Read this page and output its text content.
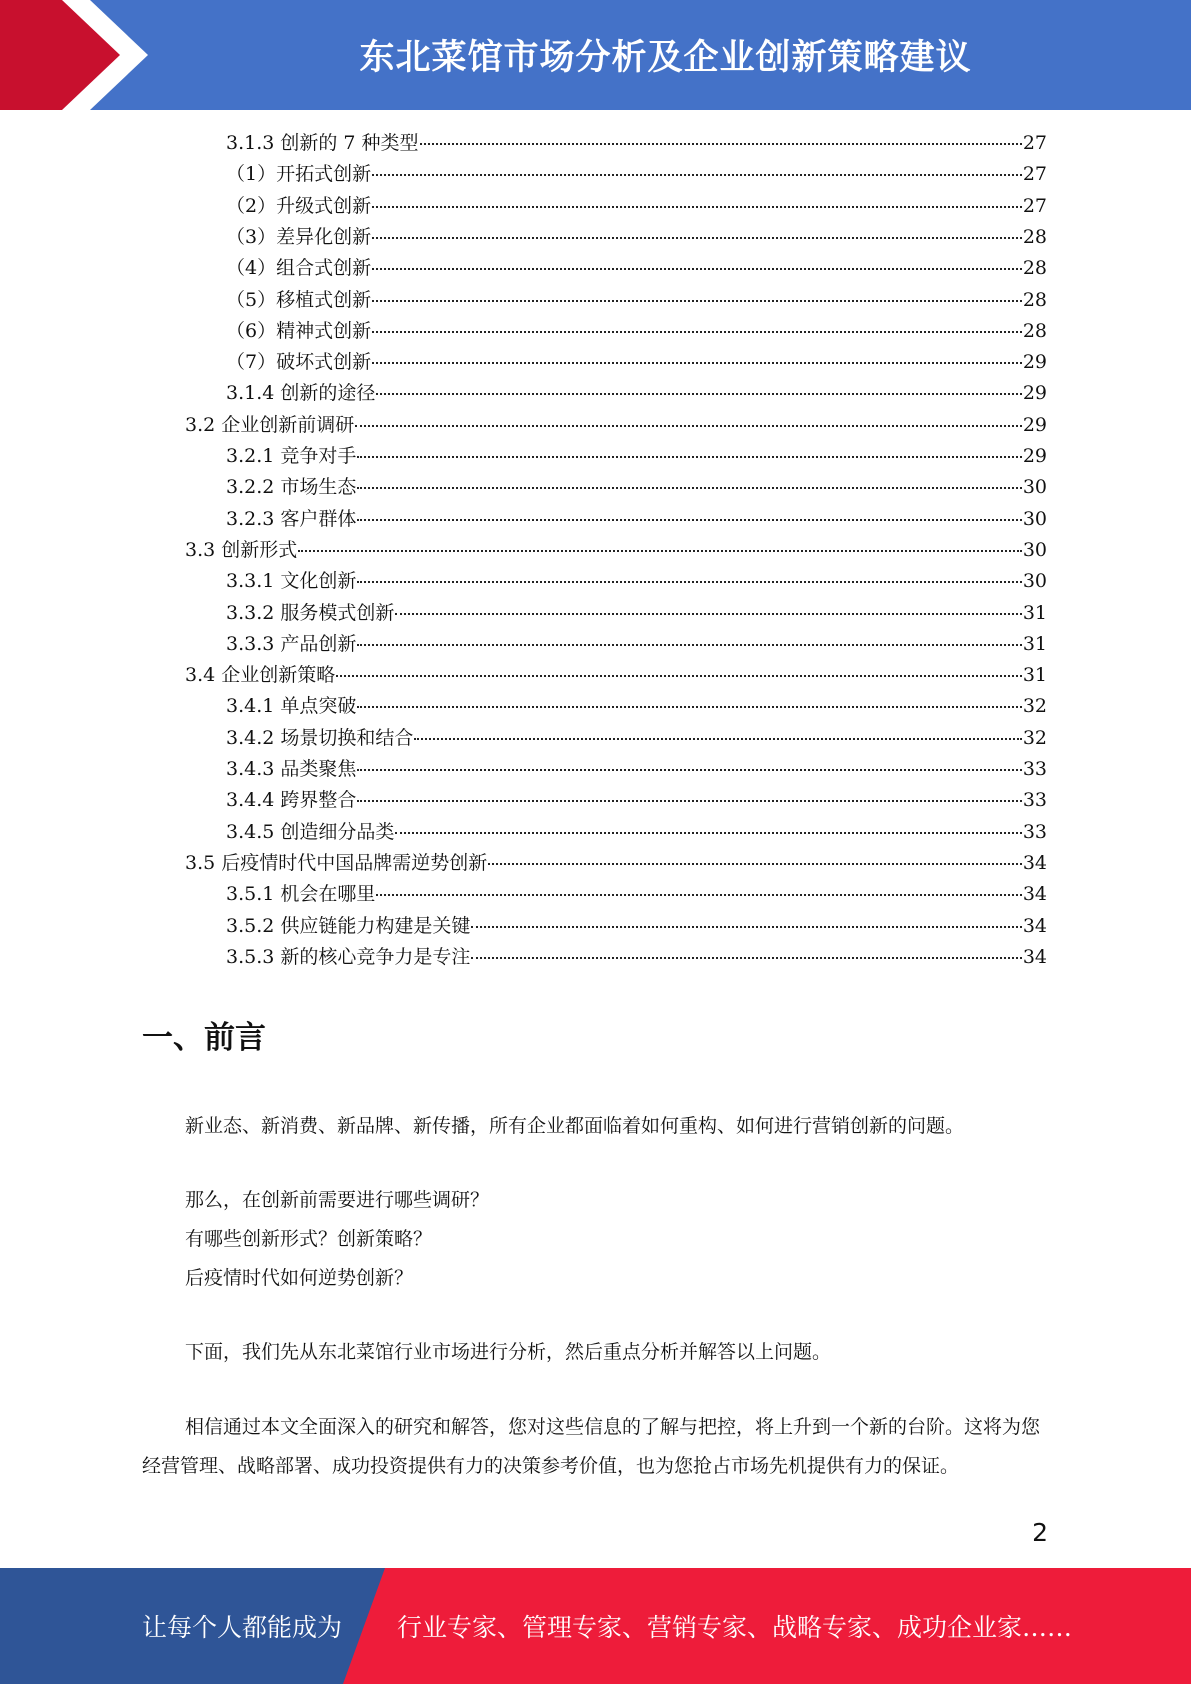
东北菜馆市场分析及企业创新策略建议
3.1.3 创新的 7 种类型	27
（1）开拓式创新	27
（2）升级式创新	27
（3）差异化创新	28
（4）组合式创新	28
（5）移植式创新	28
（6）精神式创新	28
（7）破坏式创新	29
3.1.4 创新的途径	29
3.2 企业创新前调研	29
3.2.1 竞争对手	29
3.2.2 市场生态	30
3.2.3 客户群体	30
3.3 创新形式	30
3.3.1 文化创新	30
3.3.2 服务模式创新	31
3.3.3 产品创新	31
3.4 企业创新策略	31
3.4.1 单点突破	32
3.4.2 场景切换和结合	32
3.4.3 品类聚焦	33
3.4.4 跨界整合	33
3.4.5 创造细分品类	33
3.5 后疫情时代中国品牌需逆势创新	34
3.5.1 机会在哪里	34
3.5.2 供应链能力构建是关键	34
3.5.3 新的核心竞争力是专注	34
一、前言
新业态、新消费、新品牌、新传播，所有企业都面临着如何重构、如何进行营销创新的问题。
那么，在创新前需要进行哪些调研？
有哪些创新形式？创新策略？
后疫情时代如何逆势创新？
下面，我们先从东北菜馆行业市场进行分析，然后重点分析并解答以上问题。
相信通过本文全面深入的研究和解答，您对这些信息的了解与把控，将上升到一个新的台阶。这将为您经营管理、战略部署、成功投资提供有力的决策参考价值，也为您抢占市场先机提供有力的保证。
2
让每个人都能成为 行业专家、管理专家、营销专家、战略专家、成功企业家……
